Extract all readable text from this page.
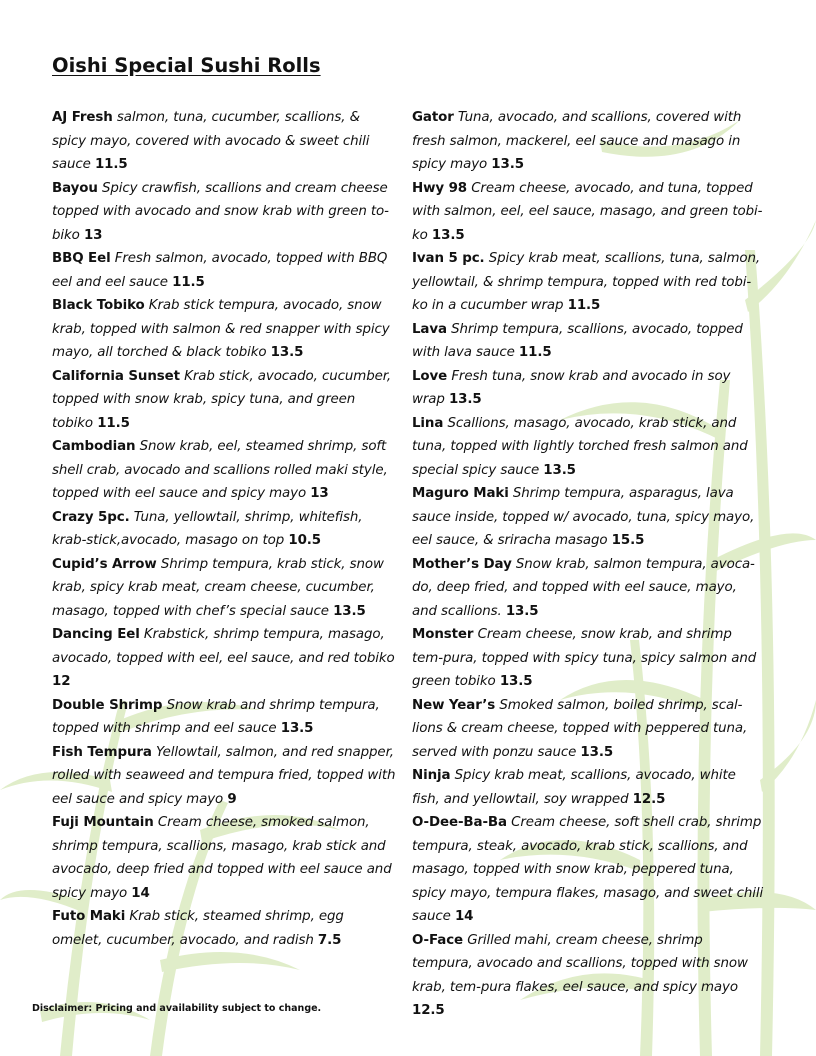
Oishi Special Sushi Rolls

AJ Fresh salmon, tuna, cucumber, scallions, & spicy mayo, covered with avocado & sweet chili sauce 11.5

Bayou Spicy crawfish, scallions and cream cheese topped with avocado and snow krab with green to-biko 13

BBQ Eel Fresh salmon, avocado, topped with BBQ eel and eel sauce 11.5

Black Tobiko Krab stick tempura, avocado, snow krab, topped with salmon & red snapper with spicy mayo, all torched & black tobiko 13.5

California Sunset Krab stick, avocado, cucumber, topped with snow krab, spicy tuna, and green tobiko 11.5

Cambodian Snow krab, eel, steamed shrimp, soft shell crab, avocado and scallions rolled maki style, topped with eel sauce and spicy mayo 13

Crazy 5pc. Tuna, yellowtail, shrimp, whitefish, krab-stick,avocado, masago on top 10.5

Cupid’s Arrow Shrimp tempura, krab stick, snow krab, spicy krab meat, cream cheese, cucumber, masago, topped with chef’s special sauce 13.5

Dancing Eel Krabstick, shrimp tempura, masago, avocado, topped with eel, eel sauce, and red tobiko 12

Double Shrimp Snow krab and shrimp tempura, topped with shrimp and eel sauce 13.5

Fish Tempura Yellowtail, salmon, and red snapper, rolled with seaweed and tempura fried, topped with eel sauce and spicy mayo 9

Fuji Mountain Cream cheese, smoked salmon, shrimp tempura, scallions, masago, krab stick and avocado, deep fried and topped with eel sauce and spicy mayo 14

Futo Maki Krab stick, steamed shrimp, egg omelet, cucumber, avocado, and radish 7.5

Gator Tuna, avocado, and scallions, covered with fresh salmon, mackerel, eel sauce and masago in spicy mayo 13.5

Hwy 98 Cream cheese, avocado, and tuna, topped with salmon, eel, eel sauce, masago, and green tobi-ko 13.5

Ivan 5 pc. Spicy krab meat, scallions, tuna, salmon, yellowtail, & shrimp tempura, topped with red tobi-ko in a cucumber wrap 11.5

Lava Shrimp tempura, scallions, avocado, topped with lava sauce 11.5

Love Fresh tuna, snow krab and avocado in soy wrap 13.5

Lina Scallions, masago, avocado, krab stick, and tuna, topped with lightly torched fresh salmon and special spicy sauce 13.5

Maguro Maki Shrimp tempura, asparagus, lava sauce inside, topped w/ avocado, tuna, spicy mayo, eel sauce, & sriracha masago 15.5

Mother’s Day Snow krab, salmon tempura, avoca-do, deep fried, and topped with eel sauce, mayo, and scallions. 13.5

Monster Cream cheese, snow krab, and shrimp tem-pura, topped with spicy tuna, spicy salmon and green tobiko 13.5

New Year’s Smoked salmon, boiled shrimp, scal-lions & cream cheese, topped with peppered tuna, served with ponzu sauce 13.5

Ninja Spicy krab meat, scallions, avocado, white fish, and yellowtail, soy wrapped 12.5

O-Dee-Ba-Ba Cream cheese, soft shell crab, shrimp tempura, steak, avocado, krab stick, scallions, and masago, topped with snow krab, peppered tuna, spicy mayo, tempura flakes, masago, and sweet chili sauce 14

O-Face Grilled mahi, cream cheese, shrimp tempura, avocado and scallions, topped with snow krab, tem-pura flakes, eel sauce, and spicy mayo 12.5

Disclaimer: Pricing and availability subject to change.
